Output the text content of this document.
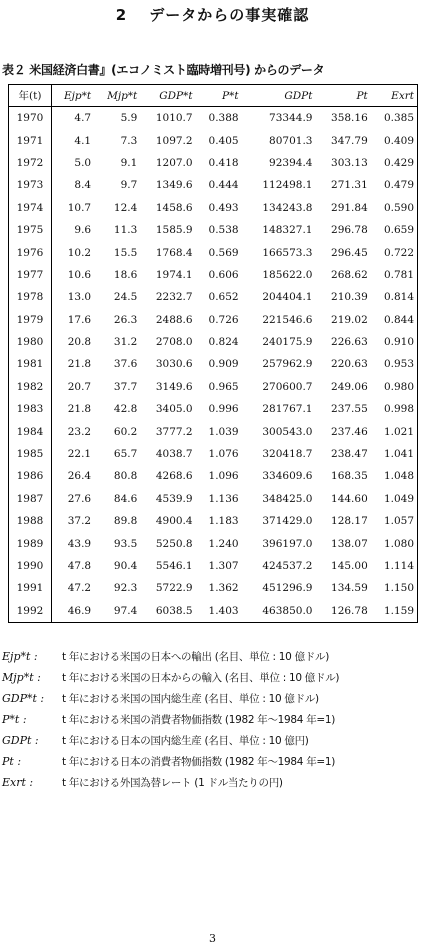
2 データからの事実確認
表２ 米国経済白書』(エコノミスト臨時増刊号) からのデータ
年(t)	Ejp*t	Mjp*t	GDP*t	P*t	GDPt	Pt	Exrt
1970	4.7	5.9	1010.7	0.388	73344.9	358.16	0.385
1971	4.1	7.3	1097.2	0.405	80701.3	347.79	0.409
1972	5.0	9.1	1207.0	0.418	92394.4	303.13	0.429
1973	8.4	9.7	1349.6	0.444	112498.1	271.31	0.479
1974	10.7	12.4	1458.6	0.493	134243.8	291.84	0.590
1975	9.6	11.3	1585.9	0.538	148327.1	296.78	0.659
1976	10.2	15.5	1768.4	0.569	166573.3	296.45	0.722
1977	10.6	18.6	1974.1	0.606	185622.0	268.62	0.781
1978	13.0	24.5	2232.7	0.652	204404.1	210.39	0.814
1979	17.6	26.3	2488.6	0.726	221546.6	219.02	0.844
1980	20.8	31.2	2708.0	0.824	240175.9	226.63	0.910
1981	21.8	37.6	3030.6	0.909	257962.9	220.63	0.953
1982	20.7	37.7	3149.6	0.965	270600.7	249.06	0.980
1983	21.8	42.8	3405.0	0.996	281767.1	237.55	0.998
1984	23.2	60.2	3777.2	1.039	300543.0	237.46	1.021
1985	22.1	65.7	4038.7	1.076	320418.7	238.47	1.041
1986	26.4	80.8	4268.6	1.096	334609.6	168.35	1.048
1987	27.6	84.6	4539.9	1.136	348425.0	144.60	1.049
1988	37.2	89.8	4900.4	1.183	371429.0	128.17	1.057
1989	43.9	93.5	5250.8	1.240	396197.0	138.07	1.080
1990	47.8	90.4	5546.1	1.307	424537.2	145.00	1.114
1991	47.2	92.3	5722.9	1.362	451296.9	134.59	1.150
1992	46.9	97.4	6038.5	1.403	463850.0	126.78	1.159
Ejp*t : t 年における米国の日本への輸出 (名目、単位 : 10 億ドル)
Mjp*t : t 年における米国の日本からの輸入 (名目、単位 : 10 億ドル)
GDP*t : t 年における米国の国内総生産 (名目、単位 : 10 億ドル)
P*t :	t 年における米国の消費者物価指数 (1982 年〜1984 年=1)
GDPt : t 年における日本の国内総生産 (名目、単位 : 10 億円)
Pt :	t 年における日本の消費者物価指数 (1982 年〜1984 年=1)
Exrt :	t 年における外国為替レート (1 ドル当たりの円)
3
